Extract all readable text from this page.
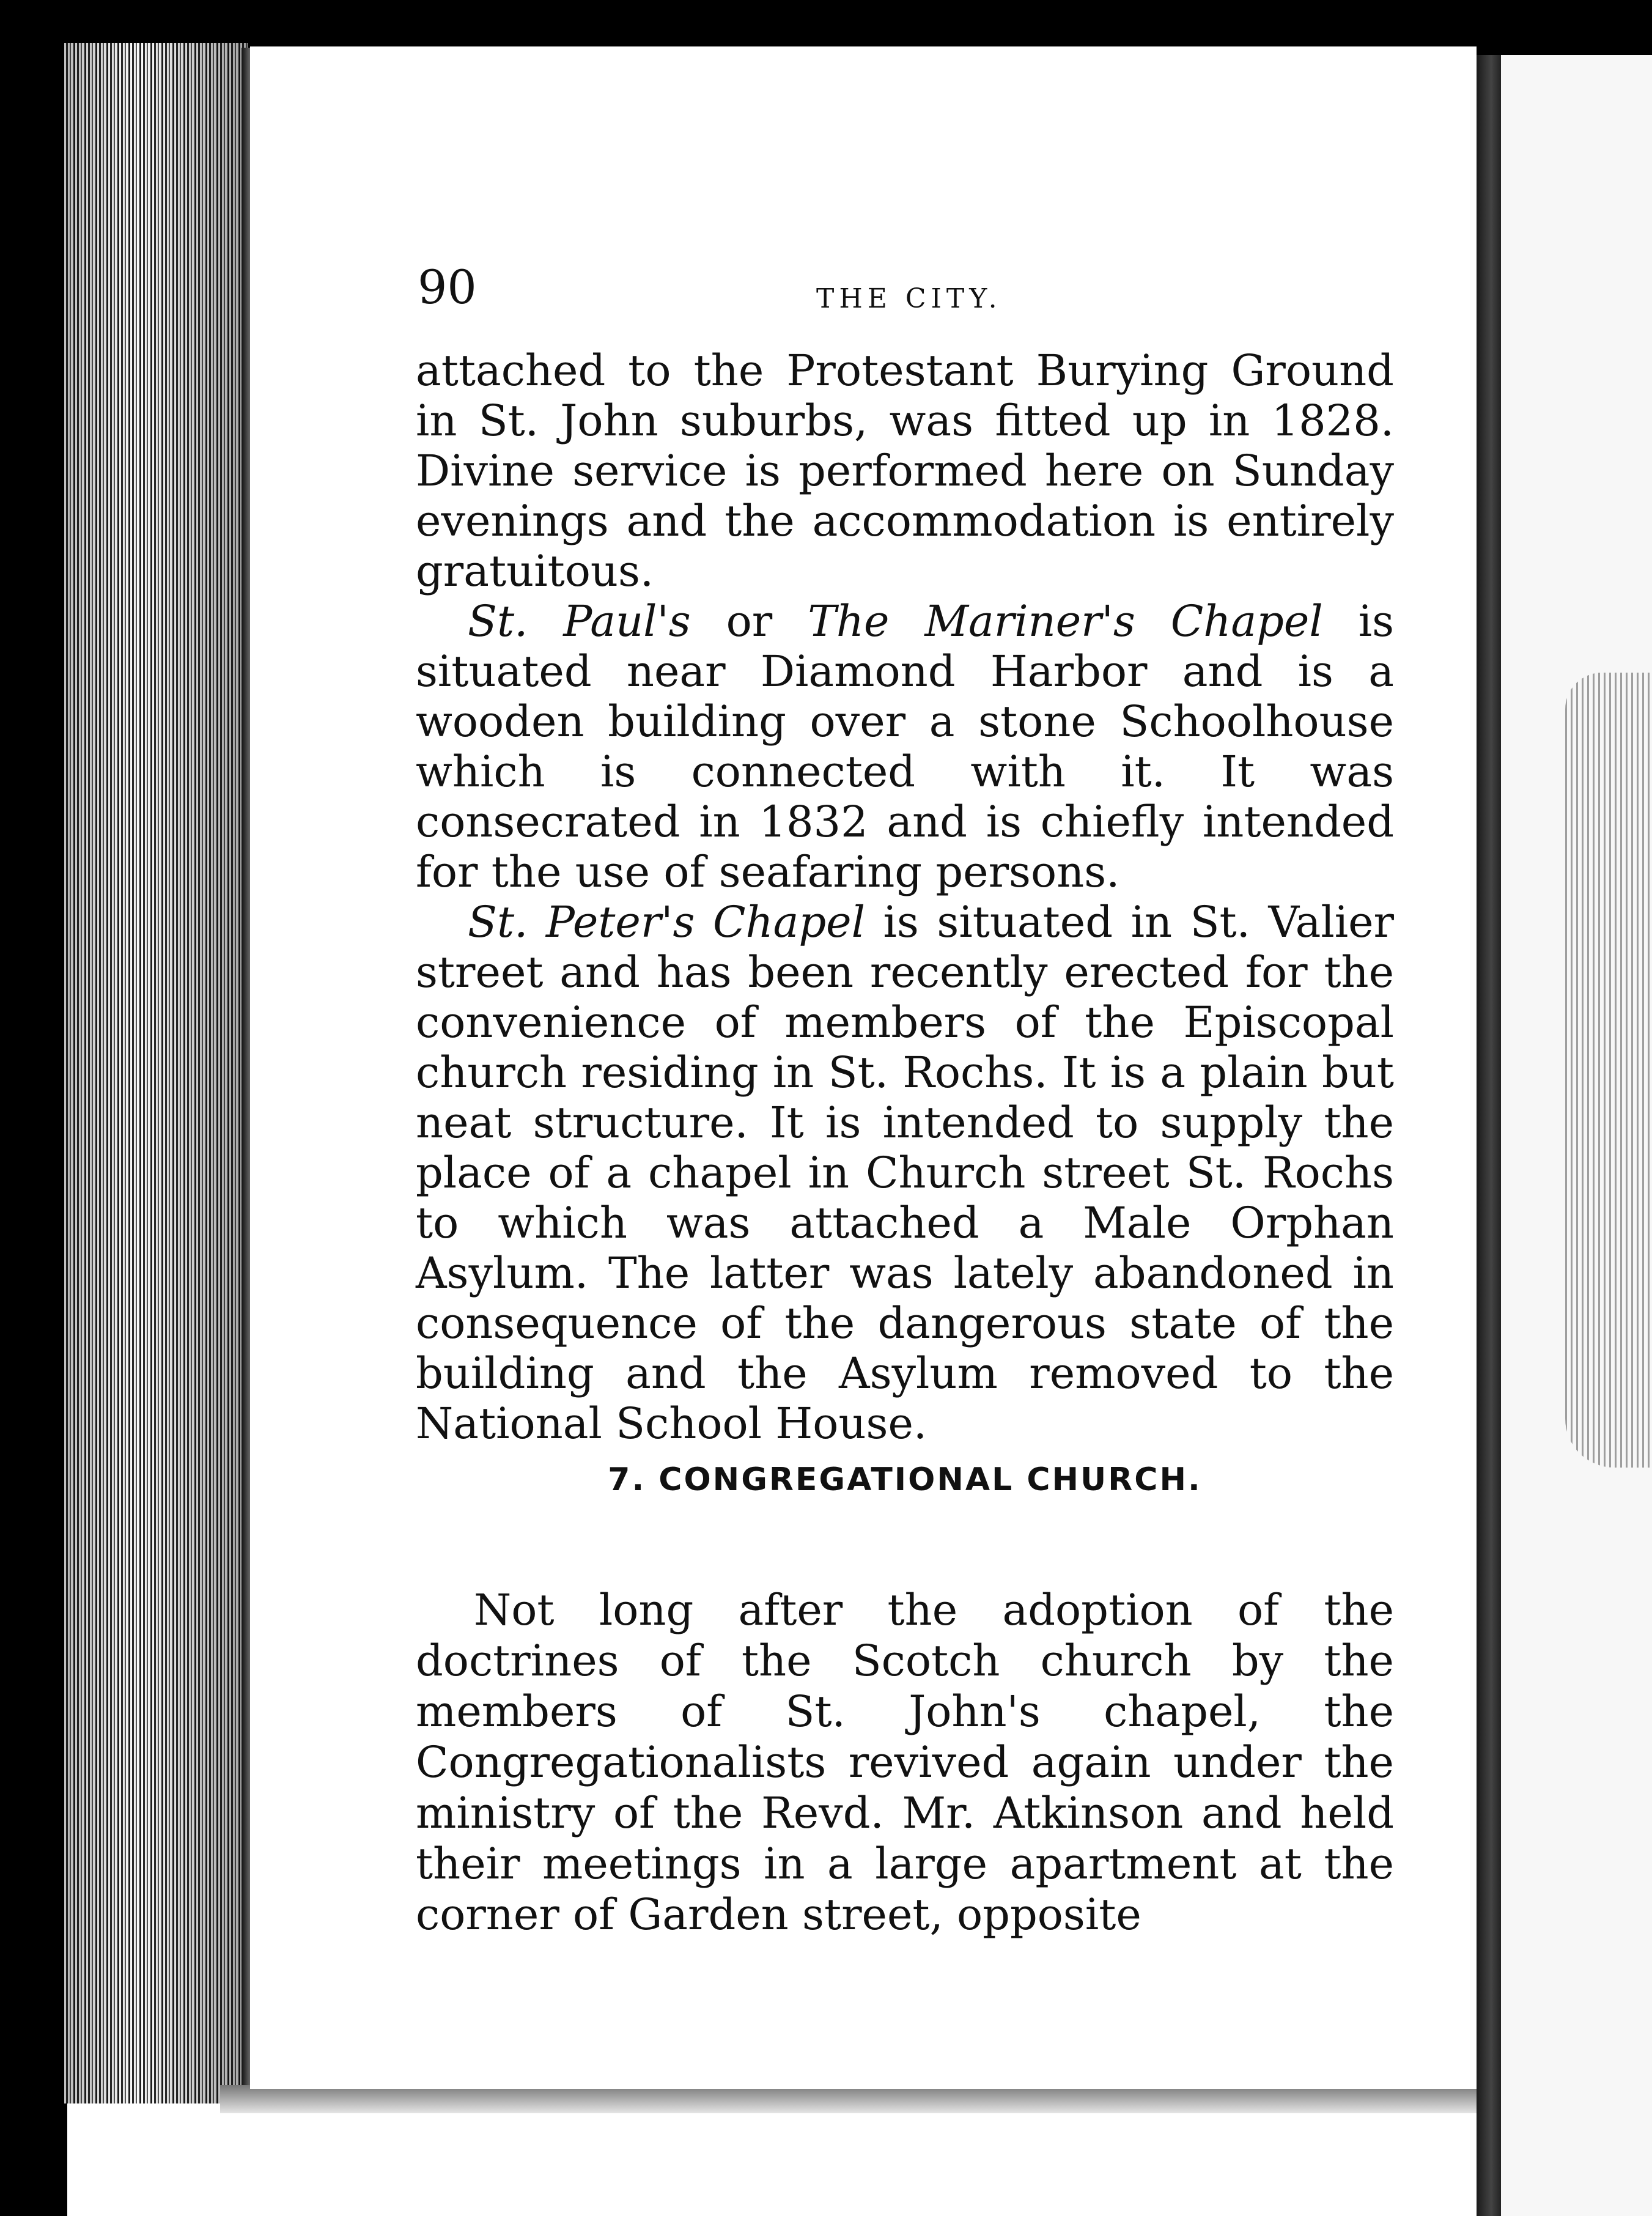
90	THE CITY.

attached to the Protestant Burying Ground in St. John suburbs, was fitted up in 1828. Divine service is performed here on Sunday evenings and the accommodation is entirely gratuitous.

St. Paul's or The Mariner's Chapel is situated near Diamond Harbor and is a wooden building over a stone Schoolhouse which is connected with it. It was consecrated in 1832 and is chiefly intended for the use of seafaring persons.

St. Peter's Chapel is situated in St. Valier street and has been recently erected for the convenience of members of the Episcopal church residing in St. Rochs. It is a plain but neat structure. It is intended to supply the place of a chapel in Church street St. Rochs to which was attached a Male Orphan Asylum. The latter was lately abandoned in consequence of the dangerous state of the building and the Asylum removed to the National School House.

7. CONGREGATIONAL CHURCH.

Not long after the adoption of the doctrines of the Scotch church by the members of St. John's chapel, the Congregationalists revived again under the ministry of the Revd. Mr. Atkinson and held their meetings in a large apartment at the corner of Garden street, opposite
